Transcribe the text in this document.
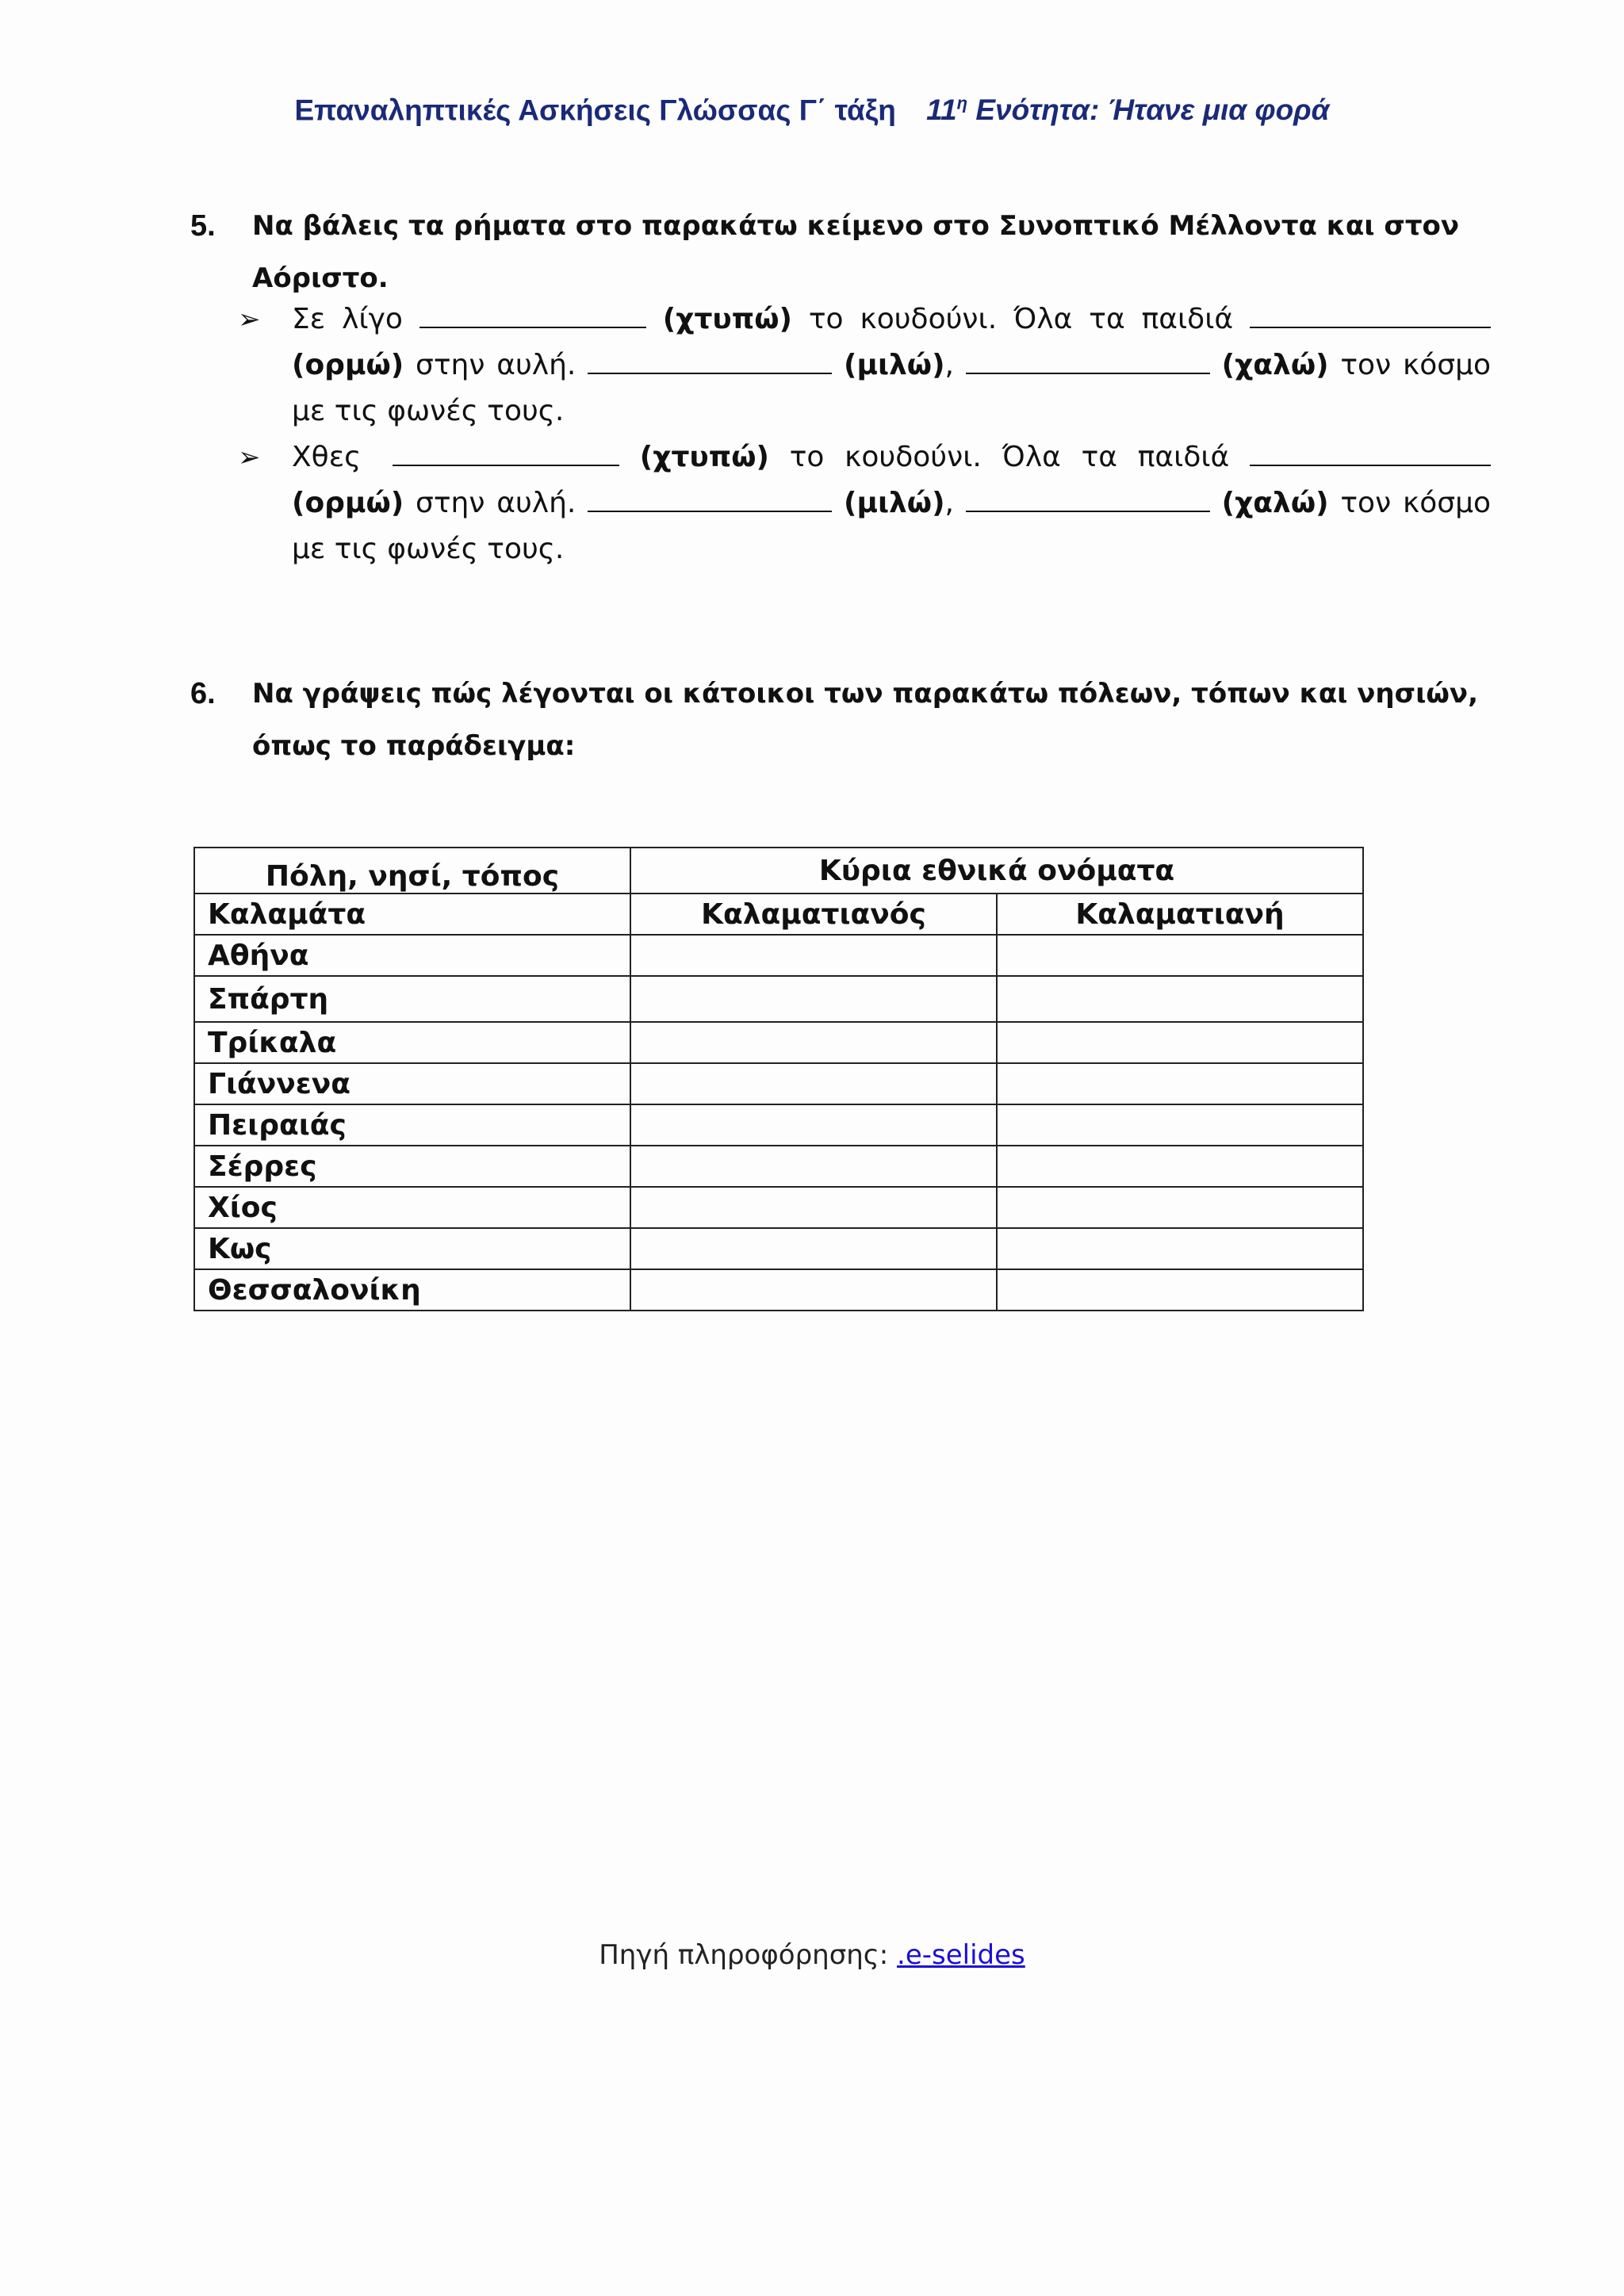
Επαναληπτικές Ασκήσεις Γλώσσας Γ΄ τάξη $11^\eta$ Ενότητα: Ήτανε μια φορά
5.	Να βάλεις τα ρήματα στο παρακάτω κείμενο στο Συνοπτικό Μέλλοντα και στον Αόριστο.
➢ Σε λίγο	(χτυπώ) το κουδούνι. Όλα τα παιδιά  (ορμώ) στην αυλή.	(μιλώ),	(χαλώ) τον κόσμο με τις φωνές τους.
➢ Χθες	(χτυπώ) το κουδούνι. Όλα τα παιδιά  (ορμώ) στην αυλή.	(μιλώ),	(χαλώ) τον κόσμο με τις φωνές τους.
6.	Να γράψεις πώς λέγονται οι κάτοικοι των παρακάτω πόλεων, τόπων και νησιών, όπως το παράδειγμα:
Πόλη, νησί, τόπος	Κύρια εθνικά ονόματα	
Καλαμάτα	Καλαματιανός	Καλαματιανή
Αθήνα		
Σπάρτη		
Τρίκαλα		
Γιάννενα		
Πειραιάς		
Σέρρες		
Χίος		
Κως		
Θεσσαλονίκη		
Πηγή πληροφόρησης: .e-selides
